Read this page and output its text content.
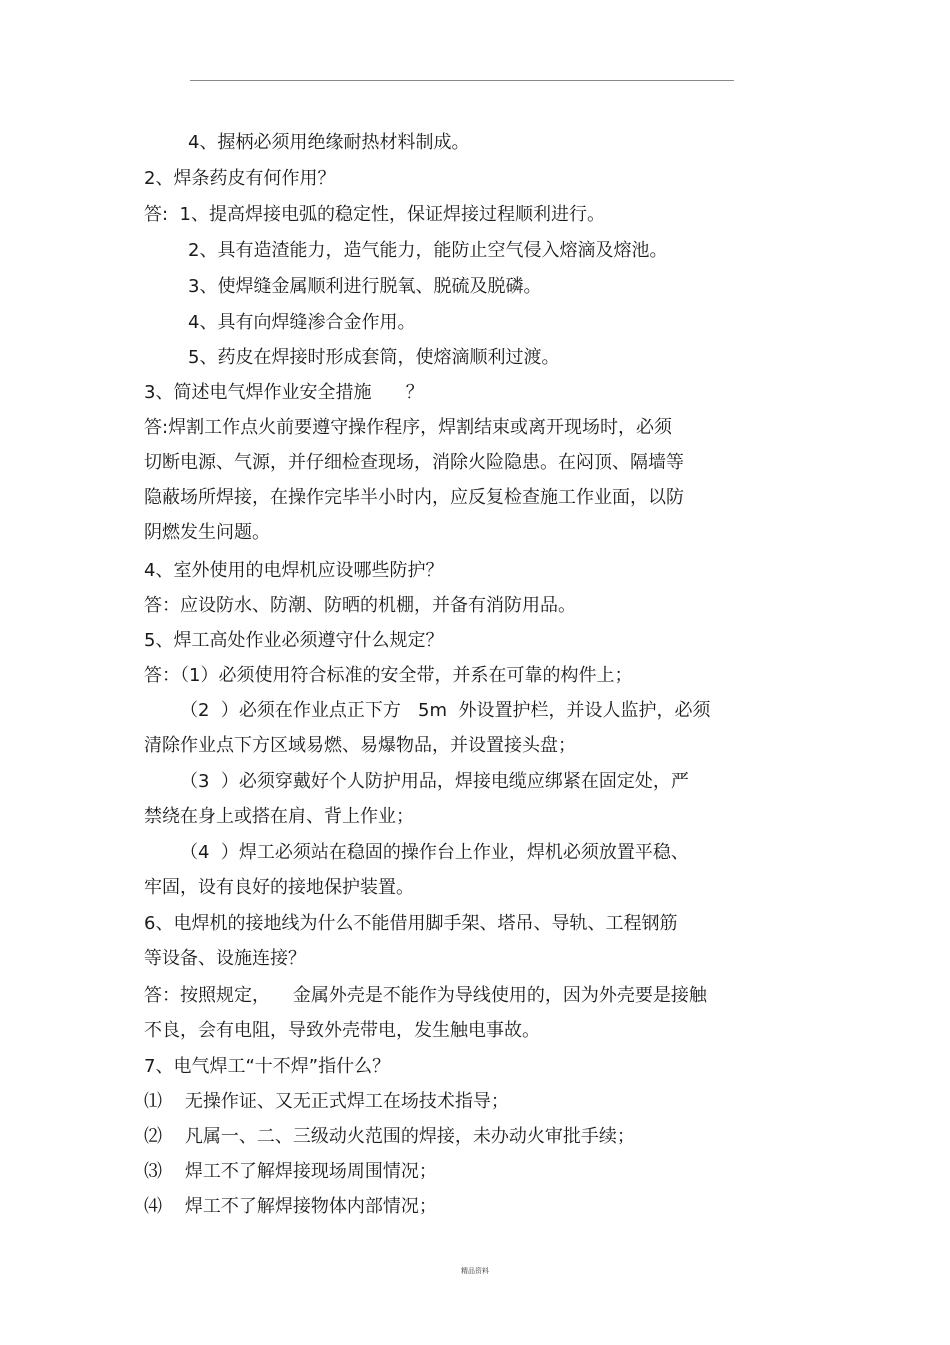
4、握柄必须用绝缘耐热材料制成。
2、焊条药皮有何作用？
答:  1、提高焊接电弧的稳定性，保证焊接过程顺利进行。
2、具有造渣能力，造气能力，能防止空气侵入熔滴及熔池。
3、使焊缝金属顺利进行脱氧、脱硫及脱磷。
4、具有向焊缝渗合金作用。
5、药皮在焊接时形成套筒，使熔滴顺利过渡。
3、简述电气焊作业安全措施      ？
答:焊割工作点火前要遵守操作程序，焊割结束或离开现场时，必须
切断电源、气源，并仔细检查现场，消除火险隐患。在闷顶、隔墙等
隐蔽场所焊接，在操作完毕半小时内，应反复检查施工作业面，以防
阴燃发生问题。
4、室外使用的电焊机应设哪些防护？
答：应设防水、防潮、防晒的机棚，并备有消防用品。
5、焊工高处作业必须遵守什么规定？
答：（1）必须使用符合标准的安全带，并系在可靠的构件上；
（2  ）必须在作业点正下方   5m  外设置护栏，并设人监护，必须
清除作业点下方区域易燃、易爆物品，并设置接头盘；
（3  ）必须穿戴好个人防护用品，焊接电缆应绑紧在固定处，严
禁绕在身上或搭在肩、背上作业；
（4  ）焊工必须站在稳固的操作台上作业，焊机必须放置平稳、
牢固，设有良好的接地保护装置。
6、电焊机的接地线为什么不能借用脚手架、塔吊、导轨、工程钢筋
等设备、设施连接？
答：按照规定，    金属外壳是不能作为导线使用的，因为外壳要是接触
不良，会有电阻，导致外壳带电，发生触电事故。
7、电气焊工“十不焊”指什么？
⑴    无操作证、又无正式焊工在场技术指导；
⑵    凡属一、二、三级动火范围的焊接，未办动火审批手续；
⑶    焊工不了解焊接现场周围情况；
⑷    焊工不了解焊接物体内部情况；
精品资料
